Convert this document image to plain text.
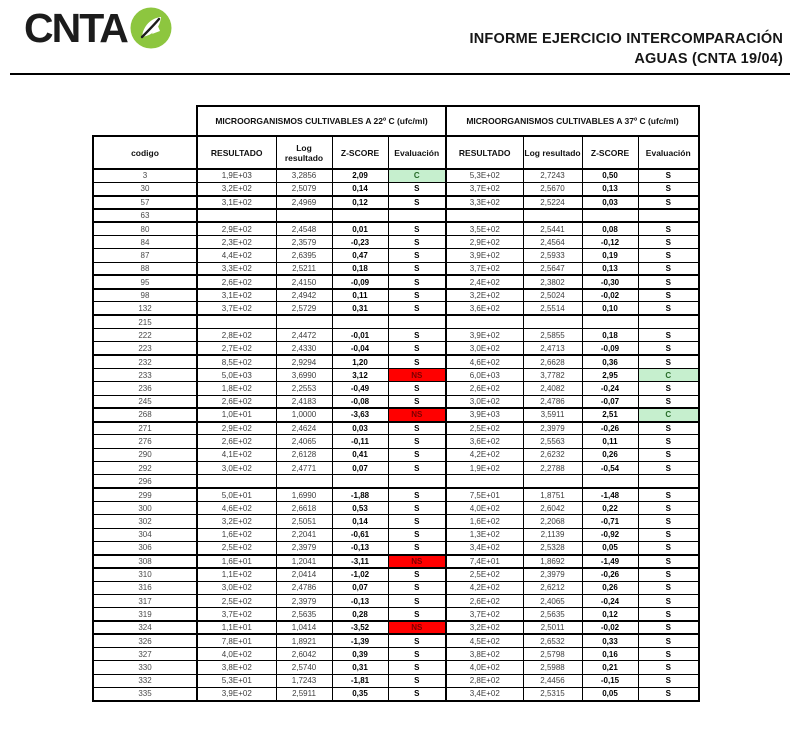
CNTA	INFORME EJERCICIO INTERCOMPARACIÓN
AGUAS (CNTA 19/04)
	MICROORGANISMOS CULTIVABLES A 22º C (ufc/ml)				MICROORGANISMOS CULTIVABLES A 37º C (ufc/ml)			
codigo	RESULTADO	Log resultado	Z-SCORE	Evaluación	RESULTADO	Log resultado	Z-SCORE	Evaluación
3	1,9E+03	3,2856	2,09	C	5,3E+02	2,7243	0,50	S
30	3,2E+02	2,5079	0,14	S	3,7E+02	2,5670	0,13	S
57	3,1E+02	2,4969	0,12	S	3,3E+02	2,5224	0,03	S
63								
80	2,9E+02	2,4548	0,01	S	3,5E+02	2,5441	0,08	S
84	2,3E+02	2,3579	-0,23	S	2,9E+02	2,4564	-0,12	S
87	4,4E+02	2,6395	0,47	S	3,9E+02	2,5933	0,19	S
88	3,3E+02	2,5211	0,18	S	3,7E+02	2,5647	0,13	S
95	2,6E+02	2,4150	-0,09	S	2,4E+02	2,3802	-0,30	S
98	3,1E+02	2,4942	0,11	S	3,2E+02	2,5024	-0,02	S
132	3,7E+02	2,5729	0,31	S	3,6E+02	2,5514	0,10	S
215								
222	2,8E+02	2,4472	-0,01	S	3,9E+02	2,5855	0,18	S
223	2,7E+02	2,4330	-0,04	S	3,0E+02	2,4713	-0,09	S
232	8,5E+02	2,9294	1,20	S	4,6E+02	2,6628	0,36	S
233	5,0E+03	3,6990	3,12	NS	6,0E+03	3,7782	2,95	C
236	1,8E+02	2,2553	-0,49	S	2,6E+02	2,4082	-0,24	S
245	2,6E+02	2,4183	-0,08	S	3,0E+02	2,4786	-0,07	S
268	1,0E+01	1,0000	-3,63	NS	3,9E+03	3,5911	2,51	C
271	2,9E+02	2,4624	0,03	S	2,5E+02	2,3979	-0,26	S
276	2,6E+02	2,4065	-0,11	S	3,6E+02	2,5563	0,11	S
290	4,1E+02	2,6128	0,41	S	4,2E+02	2,6232	0,26	S
292	3,0E+02	2,4771	0,07	S	1,9E+02	2,2788	-0,54	S
296								
299	5,0E+01	1,6990	-1,88	S	7,5E+01	1,8751	-1,48	S
300	4,6E+02	2,6618	0,53	S	4,0E+02	2,6042	0,22	S
302	3,2E+02	2,5051	0,14	S	1,6E+02	2,2068	-0,71	S
304	1,6E+02	2,2041	-0,61	S	1,3E+02	2,1139	-0,92	S
306	2,5E+02	2,3979	-0,13	S	3,4E+02	2,5328	0,05	S
308	1,6E+01	1,2041	-3,11	NS	7,4E+01	1,8692	-1,49	S
310	1,1E+02	2,0414	-1,02	S	2,5E+02	2,3979	-0,26	S
316	3,0E+02	2,4786	0,07	S	4,2E+02	2,6212	0,26	S
317	2,5E+02	2,3979	-0,13	S	2,6E+02	2,4065	-0,24	S
319	3,7E+02	2,5635	0,28	S	3,7E+02	2,5635	0,12	S
324	1,1E+01	1,0414	-3,52	NS	3,2E+02	2,5011	-0,02	S
326	7,8E+01	1,8921	-1,39	S	4,5E+02	2,6532	0,33	S
327	4,0E+02	2,6042	0,39	S	3,8E+02	2,5798	0,16	S
330	3,8E+02	2,5740	0,31	S	4,0E+02	2,5988	0,21	S
332	5,3E+01	1,7243	-1,81	S	2,8E+02	2,4456	-0,15	S
335	3,9E+02	2,5911	0,35	S	3,4E+02	2,5315	0,05	S
